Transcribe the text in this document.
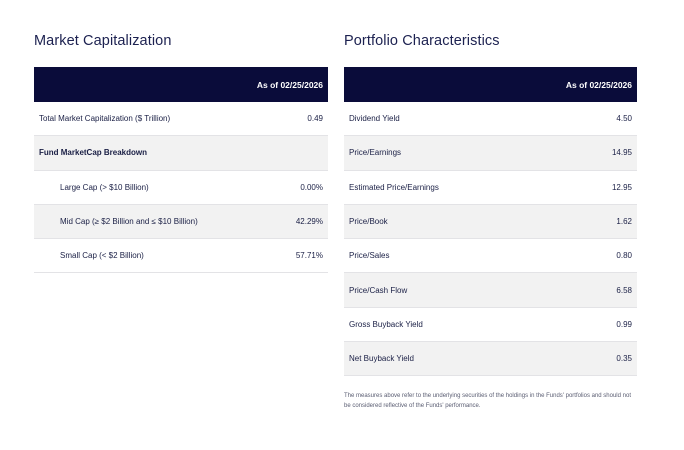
Market Capitalization
As of 02/25/2026
Total Market Capitalization ($ Trillion)	0.49
Fund MarketCap Breakdown
Large Cap (> $10 Billion)	0.00%
Mid Cap (≥ $2 Billion and ≤ $10 Billion)	42.29%
Small Cap (< $2 Billion)	57.71%
Portfolio Characteristics
As of 02/25/2026
Dividend Yield	4.50
Price/Earnings	14.95
Estimated Price/Earnings	12.95
Price/Book	1.62
Price/Sales	0.80
Price/Cash Flow	6.58
Gross Buyback Yield	0.99
Net Buyback Yield	0.35

The measures above refer to the underlying securities of the holdings in the Funds' portfolios and should not be considered reflective of the Funds' performance.
